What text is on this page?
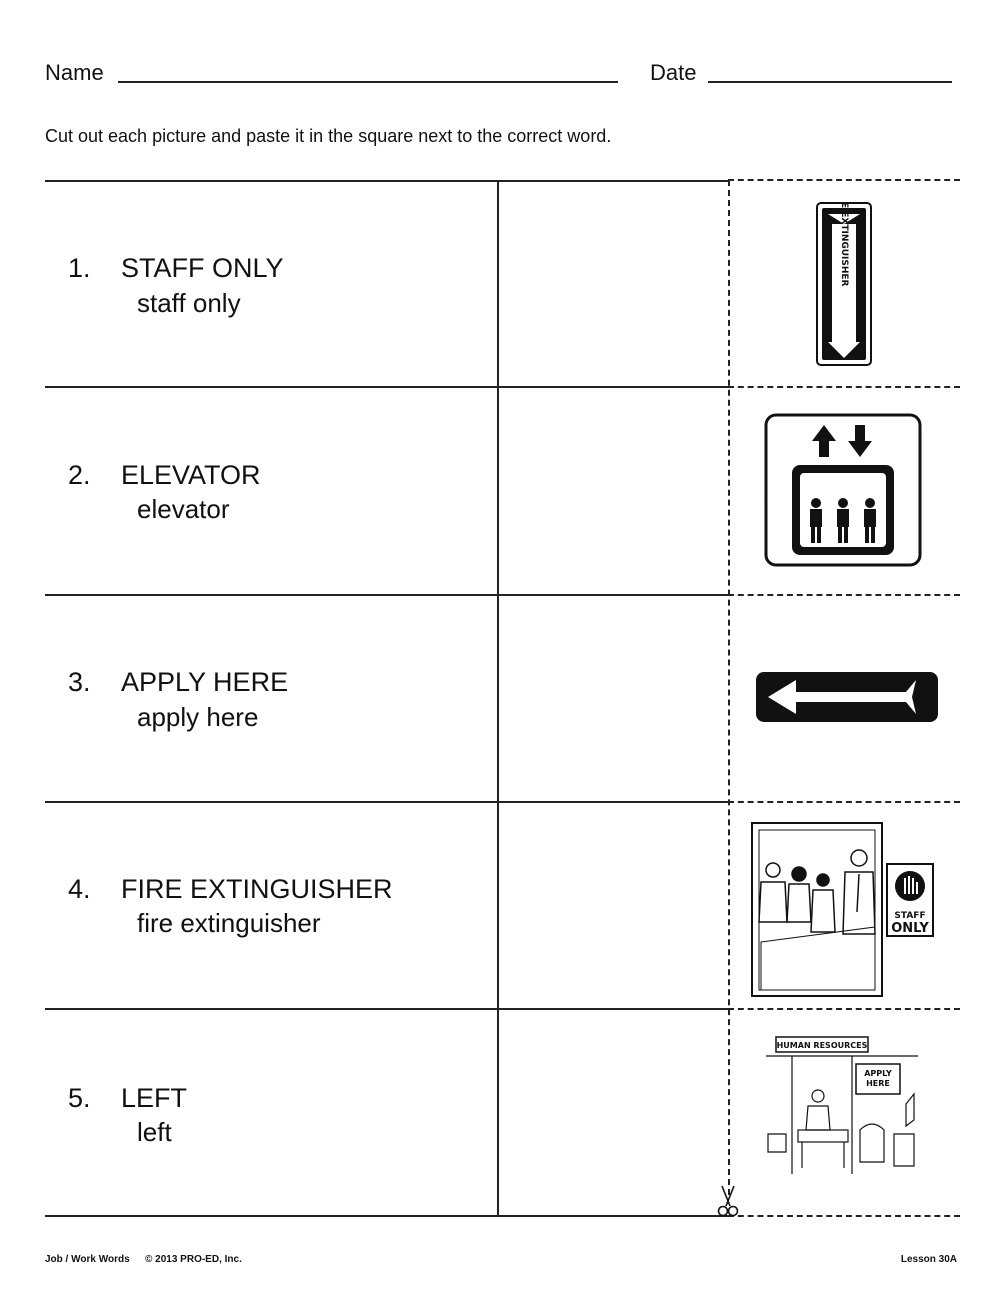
Name	Date
Cut out each picture and paste it in the square next to the correct word.
1. STAFF ONLY
staff only
2. ELEVATOR
elevator
3. APPLY HERE
apply here
4. FIRE EXTINGUISHER
fire extinguisher
5. LEFT
left
FIRE EXTINGUISHER
STAFF
ONLY
HUMAN RESOURCES
APPLY
HERE
Job / Work Words © 2013 PRO-ED, Inc.	Lesson 30A
